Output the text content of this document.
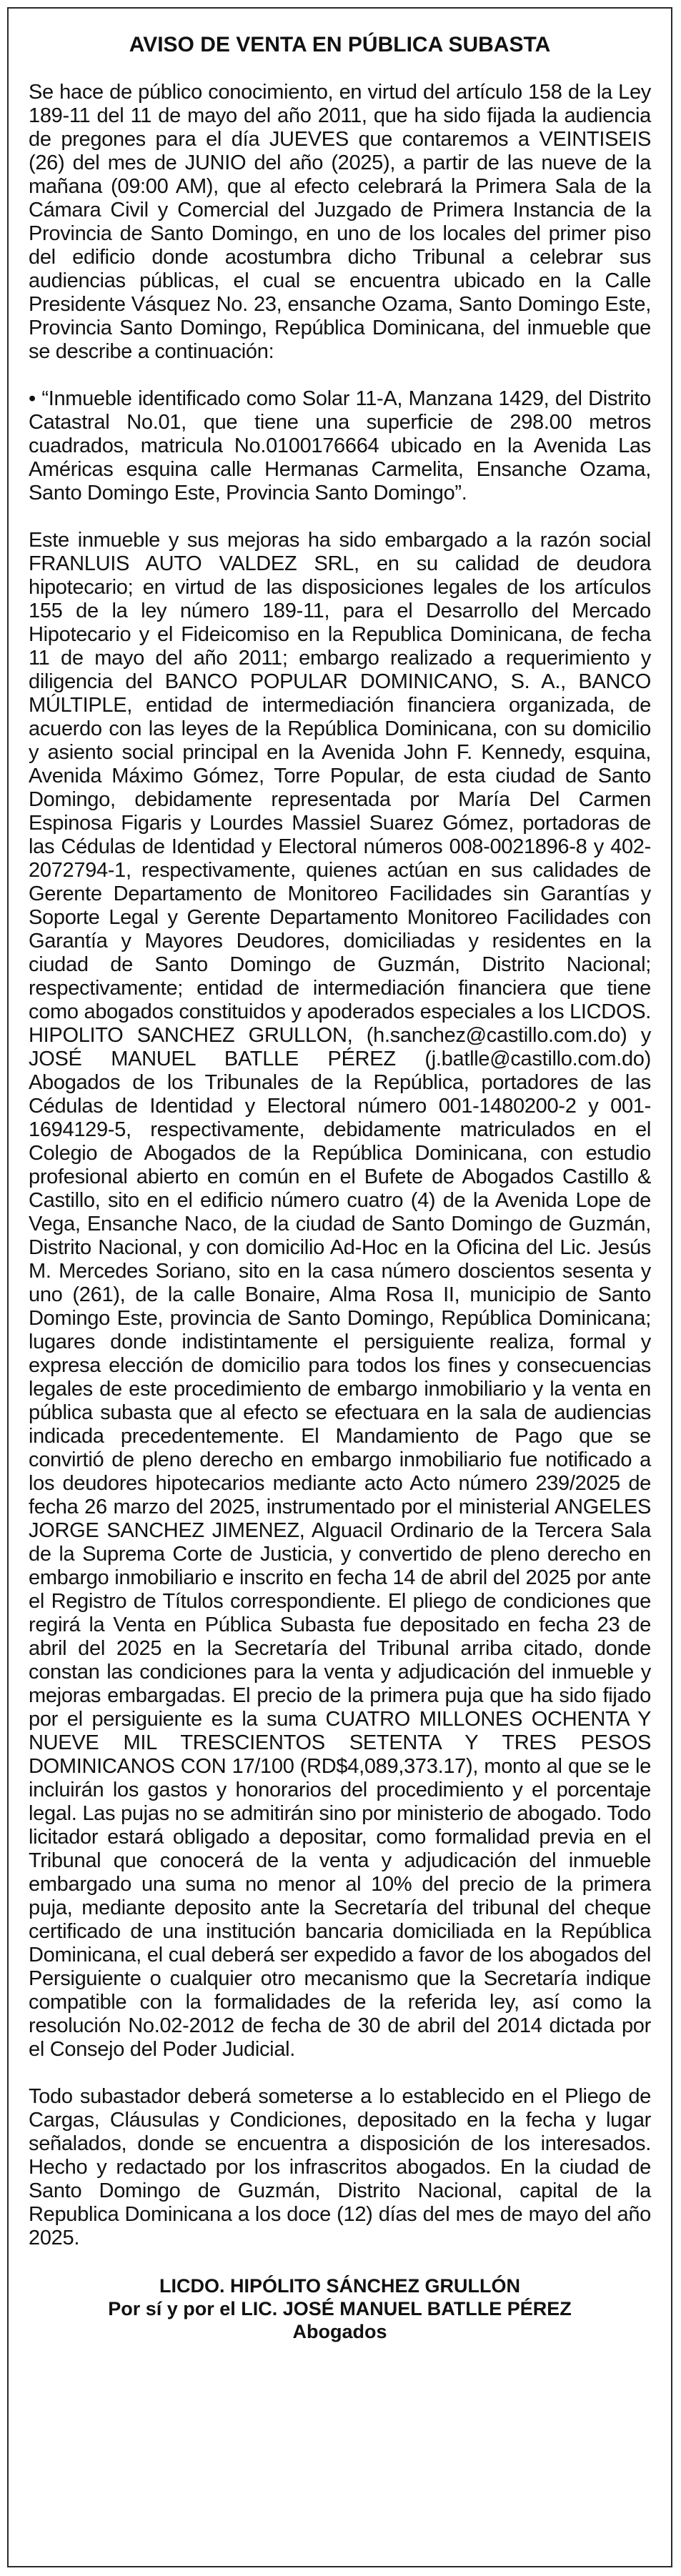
AVISO DE VENTA EN PÚBLICA SUBASTA

Se hace de público conocimiento, en virtud del artículo 158 de la Ley 189-11 del 11 de mayo del año 2011, que ha sido fijada la audiencia de pregones para el día JUEVES que contaremos a VEINTISEIS (26) del mes de JUNIO del año (2025), a partir de las nueve de la mañana (09:00 AM), que al efecto celebrará la Primera Sala de la Cámara Civil y Comercial del Juzgado de Primera Instancia de la Provincia de Santo Domingo, en uno de los locales del primer piso del edificio donde acostumbra dicho Tribunal a celebrar sus audiencias públicas, el cual se encuentra ubicado en la Calle Presidente Vásquez No. 23, ensanche Ozama, Santo Domingo Este, Provincia Santo Domingo, República Dominicana, del inmueble que se describe a continuación:

• “Inmueble identificado como Solar 11-A, Manzana 1429, del Distrito Catastral No.01, que tiene una superficie de 298.00 metros cuadrados, matricula No.0100176664 ubicado en la Avenida Las Américas esquina calle Hermanas Carmelita, Ensanche Ozama, Santo Domingo Este, Provincia Santo Domingo”.

Este inmueble y sus mejoras ha sido embargado a la razón social FRANLUIS AUTO VALDEZ SRL, en su calidad de deudora hipotecario; en virtud de las disposiciones legales de los artículos 155 de la ley número 189-11, para el Desarrollo del Mercado Hipotecario y el Fideicomiso en la Republica Dominicana, de fecha 11 de mayo del año 2011; embargo realizado a requerimiento y diligencia del BANCO POPULAR DOMINICANO, S. A., BANCO MÚLTIPLE, entidad de intermediación financiera organizada, de acuerdo con las leyes de la República Dominicana, con su domicilio y asiento social principal en la Avenida John F. Kennedy, esquina, Avenida Máximo Gómez, Torre Popular, de esta ciudad de Santo Domingo, debidamente representada por María Del Carmen Espinosa Figaris y Lourdes Massiel Suarez Gómez, portadoras de las Cédulas de Identidad y Electoral números 008-0021896-8 y 402-2072794-1, respectivamente, quienes actúan en sus calidades de Gerente Departamento de Monitoreo Facilidades sin Garantías y Soporte Legal y Gerente Departamento Monitoreo Facilidades con Garantía y Mayores Deudores, domiciliadas y residentes en la ciudad de Santo Domingo de Guzmán, Distrito Nacional; respectivamente; entidad de intermediación financiera que tiene como abogados constituidos y apoderados especiales a los LICDOS. HIPOLITO SANCHEZ GRULLON, (h.sanchez@castillo.com.do) y JOSÉ MANUEL BATLLE PÉREZ (j.batlle@castillo.com.do) Abogados de los Tribunales de la República, portadores de las Cédulas de Identidad y Electoral número 001-1480200-2 y 001-1694129-5, respectivamente, debidamente matriculados en el Colegio de Abogados de la República Dominicana, con estudio profesional abierto en común en el Bufete de Abogados Castillo & Castillo, sito en el edificio número cuatro (4) de la Avenida Lope de Vega, Ensanche Naco, de la ciudad de Santo Domingo de Guzmán, Distrito Nacional, y con domicilio Ad-Hoc en la Oficina del Lic. Jesús M. Mercedes Soriano, sito en la casa número doscientos sesenta y uno (261), de la calle Bonaire, Alma Rosa II, municipio de Santo Domingo Este, provincia de Santo Domingo, República Dominicana; lugares donde indistintamente el persiguiente realiza, formal y expresa elección de domicilio para todos los fines y consecuencias legales de este procedimiento de embargo inmobiliario y la venta en pública subasta que al efecto se efectuara en la sala de audiencias indicada precedentemente. El Mandamiento de Pago que se convirtió de pleno derecho en embargo inmobiliario fue notificado a los deudores hipotecarios mediante acto Acto número 239/2025 de fecha 26 marzo del 2025, instrumentado por el ministerial ANGELES JORGE SANCHEZ JIMENEZ, Alguacil Ordinario de la Tercera Sala de la Suprema Corte de Justicia, y convertido de pleno derecho en embargo inmobiliario e inscrito en fecha 14 de abril del 2025 por ante el Registro de Títulos correspondiente. El pliego de condiciones que regirá la Venta en Pública Subasta fue depositado en fecha 23 de abril del 2025 en la Secretaría del Tribunal arriba citado, donde constan las condiciones para la venta y adjudicación del inmueble y mejoras embargadas. El precio de la primera puja que ha sido fijado por el persiguiente es la suma CUATRO MILLONES OCHENTA Y NUEVE MIL TRESCIENTOS SETENTA Y TRES PESOS DOMINICANOS CON 17/100 (RD$4,089,373.17), monto al que se le incluirán los gastos y honorarios del procedimiento y el porcentaje legal. Las pujas no se admitirán sino por ministerio de abogado. Todo licitador estará obligado a depositar, como formalidad previa en el Tribunal que conocerá de la venta y adjudicación del inmueble embargado una suma no menor al 10% del precio de la primera puja, mediante deposito ante la Secretaría del tribunal del cheque certificado de una institución bancaria domiciliada en la República Dominicana, el cual deberá ser expedido a favor de los abogados del Persiguiente o cualquier otro mecanismo que la Secretaría indique compatible con la formalidades de la referida ley, así como la resolución No.02-2012 de fecha de 30 de abril del 2014 dictada por el Consejo del Poder Judicial.

Todo subastador deberá someterse a lo establecido en el Pliego de Cargas, Cláusulas y Condiciones, depositado en la fecha y lugar señalados, donde se encuentra a disposición de los interesados. Hecho y redactado por los infrascritos abogados. En la ciudad de Santo Domingo de Guzmán, Distrito Nacional, capital de la Republica Dominicana a los doce (12) días del mes de mayo del año 2025.

LICDO. HIPÓLITO SÁNCHEZ GRULLÓN
Por sí y por el LIC. JOSÉ MANUEL BATLLE PÉREZ
Abogados
